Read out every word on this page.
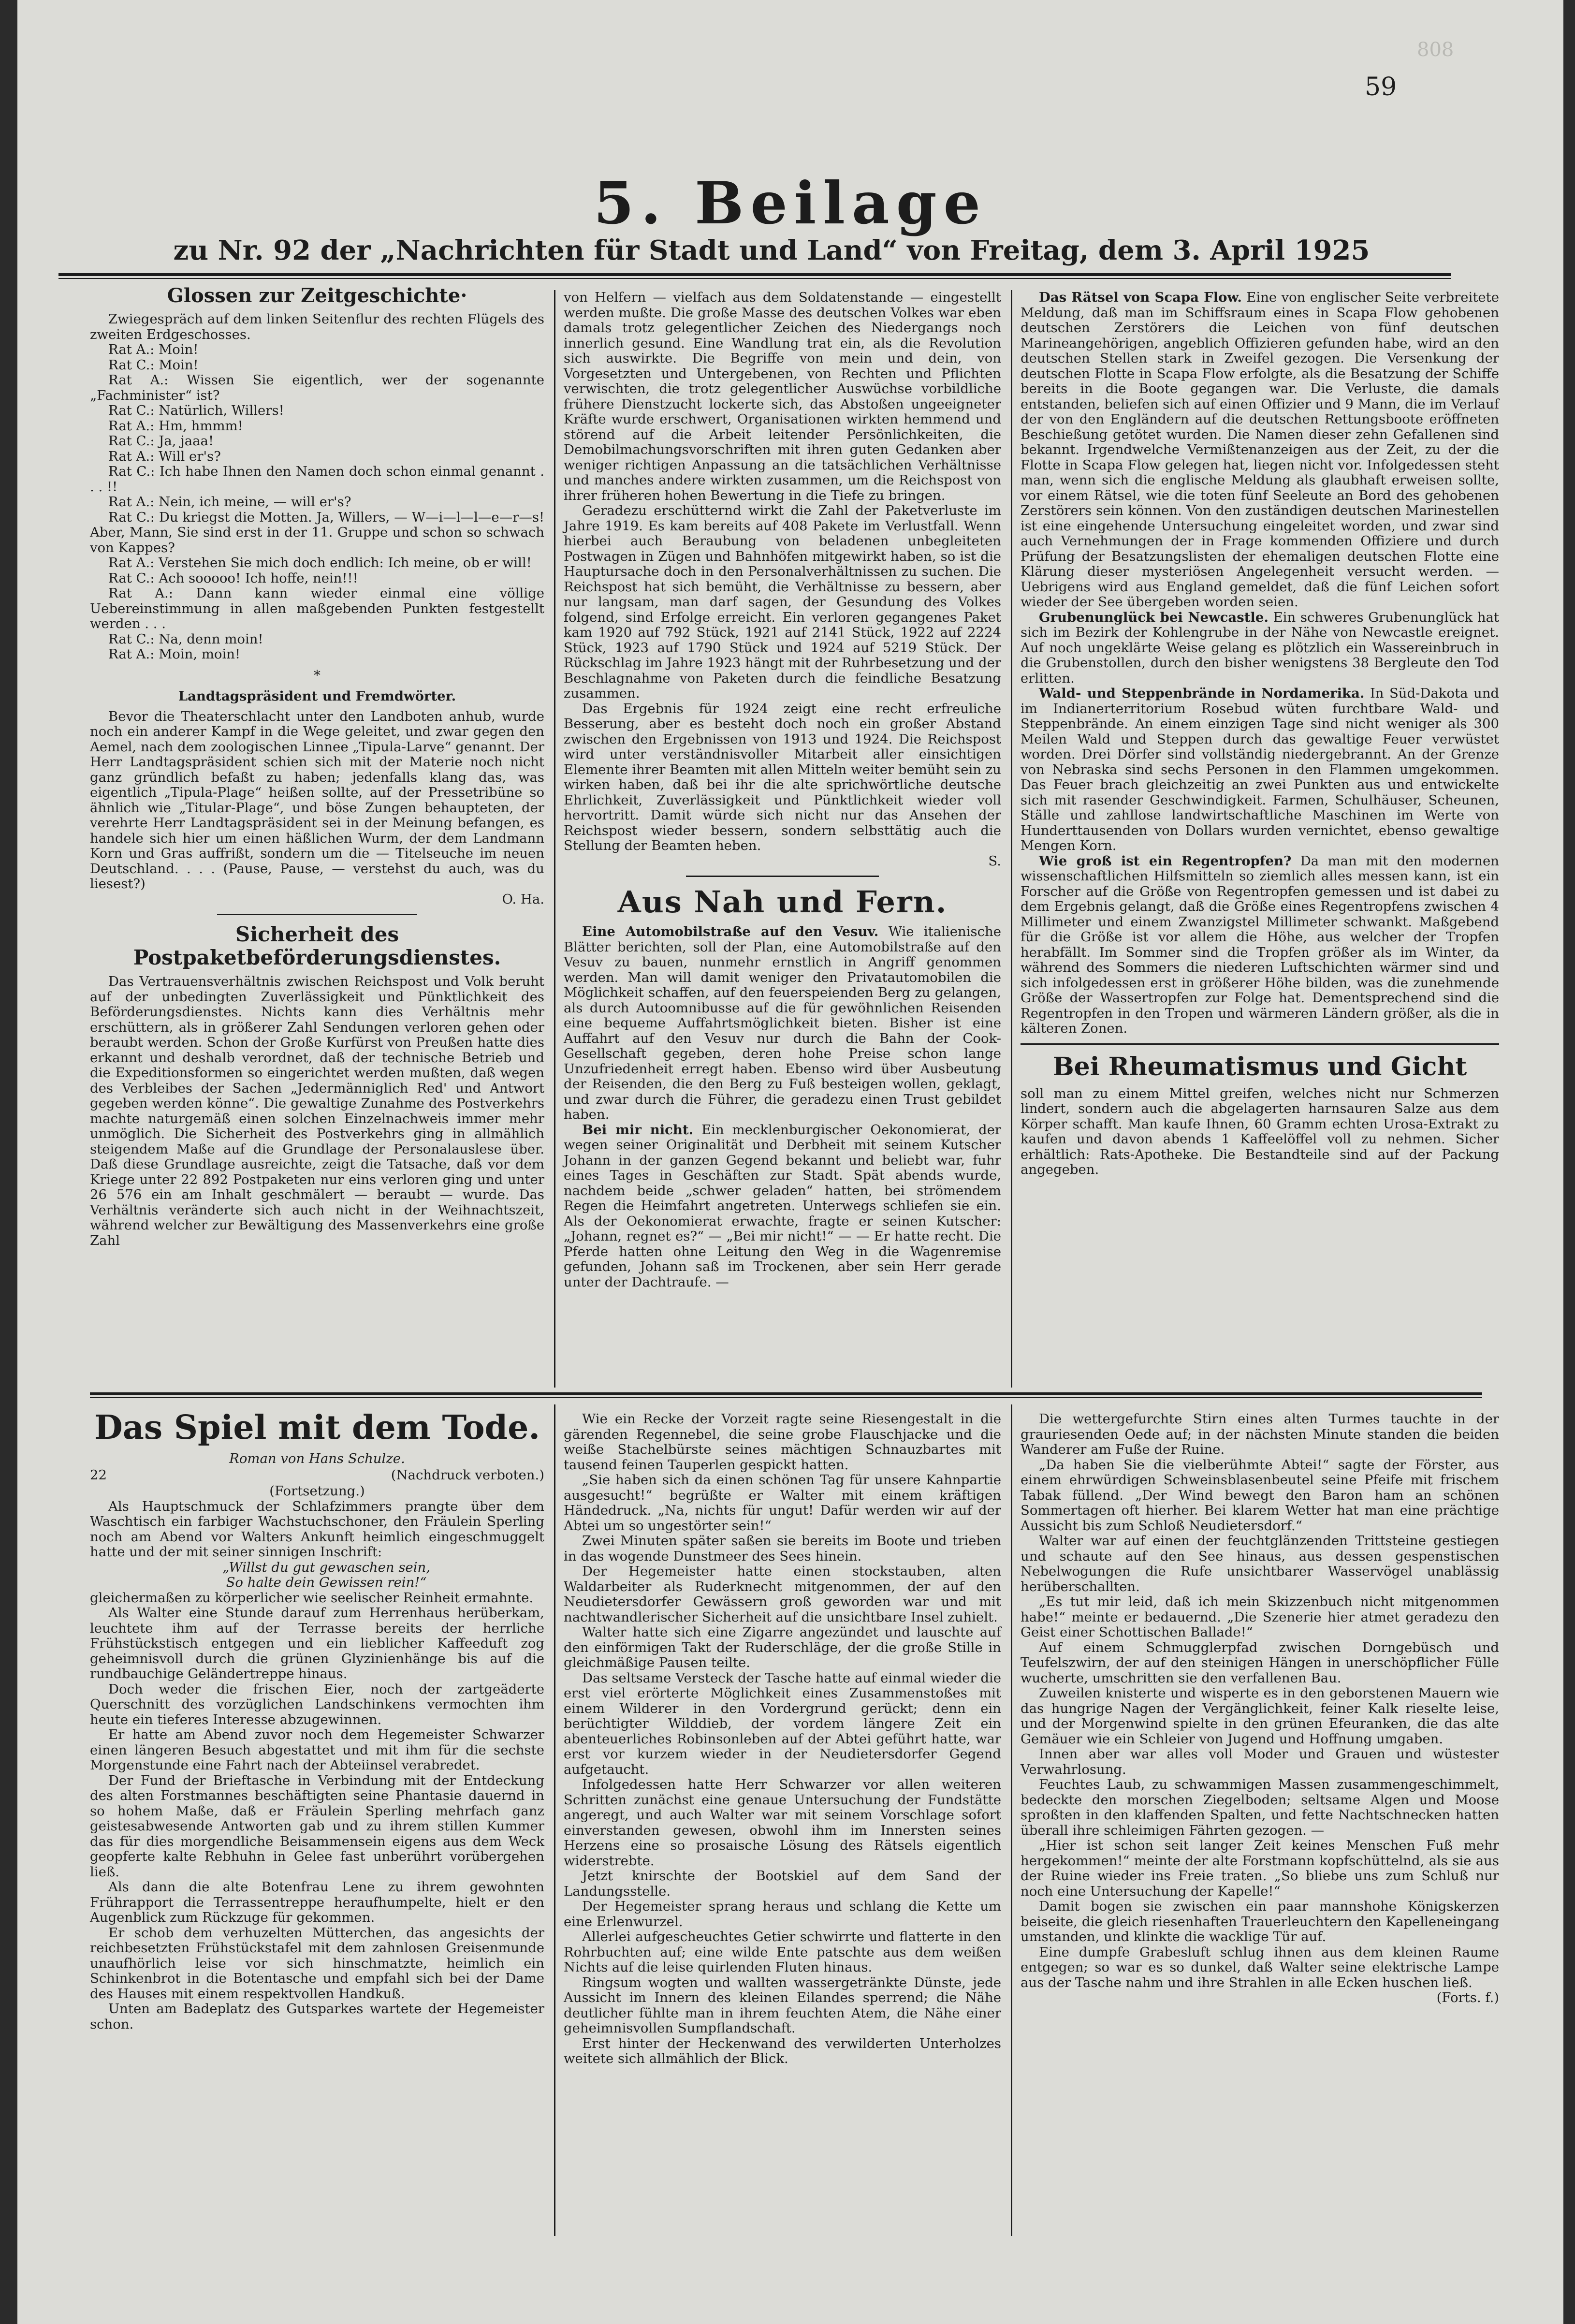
808
59
5. Beilage
zu Nr. 92 der „Nachrichten für Stadt und Land“ von Freitag, dem 3. April 1925
Glossen zur Zeitgeschichte·

Zwiegespräch auf dem linken Seitenflur des rechten Flügels des zweiten Erdgeschosses.

Rat A.: Moin!

Rat C.: Moin!

Rat A.: Wissen Sie eigentlich, wer der sogenannte „Fachminister“ ist?

Rat C.: Natürlich, Willers!

Rat A.: Hm, hmmm!

Rat C.: Ja, jaaa!

Rat A.: Will er's?

Rat C.: Ich habe Ihnen den Namen doch schon einmal genannt . . . !!

Rat A.: Nein, ich meine, — will er's?

Rat C.: Du kriegst die Motten. Ja, Willers, — W—i—l—l—e—r—s! Aber, Mann, Sie sind erst in der 11. Gruppe und schon so schwach von Kappes?

Rat A.: Verstehen Sie mich doch endlich: Ich meine, ob er will!

Rat C.: Ach sooooo! Ich hoffe, nein!!!

Rat A.: Dann kann wieder einmal eine völlige Uebereinstimmung in allen maßgebenden Punkten festgestellt werden . . .

Rat C.: Na, denn moin!

Rat A.: Moin, moin!

*

Landtagspräsident und Fremdwörter.

Bevor die Theaterschlacht unter den Landboten anhub, wurde noch ein anderer Kampf in die Wege geleitet, und zwar gegen den Aemel, nach dem zoologischen Linnee „Tipula-Larve“ genannt. Der Herr Landtagspräsident schien sich mit der Materie noch nicht ganz gründlich befaßt zu haben; jedenfalls klang das, was eigentlich „Tipula-Plage“ heißen sollte, auf der Pressetribüne so ähnlich wie „Titular-Plage“, und böse Zungen behaupteten, der verehrte Herr Landtagspräsident sei in der Meinung befangen, es handele sich hier um einen häßlichen Wurm, der dem Landmann Korn und Gras auffrißt, sondern um die — Titelseuche im neuen Deutschland. . . . (Pause, Pause, — verstehst du auch, was du liesest?)

O. Ha.

Sicherheit des Postpaketbeförderungsdienstes.

Das Vertrauensverhältnis zwischen Reichspost und Volk beruht auf der unbedingten Zuverlässigkeit und Pünktlichkeit des Beförderungsdienstes. Nichts kann dies Verhältnis mehr erschüttern, als in größerer Zahl Sendungen verloren gehen oder beraubt werden. Schon der Große Kurfürst von Preußen hatte dies erkannt und deshalb verordnet, daß der technische Betrieb und die Expeditionsformen so eingerichtet werden mußten, daß wegen des Verbleibes der Sachen „Jedermänniglich Red' und Antwort gegeben werden könne“. Die gewaltige Zunahme des Postverkehrs machte naturgemäß einen solchen Einzelnachweis immer mehr unmöglich. Die Sicherheit des Postverkehrs ging in allmählich steigendem Maße auf die Grundlage der Personalauslese über. Daß diese Grundlage ausreichte, zeigt die Tatsache, daß vor dem Kriege unter 22 892 Postpaketen nur eins verloren ging und unter 26 576 ein am Inhalt geschmälert — beraubt — wurde. Das Verhältnis veränderte sich auch nicht in der Weihnachtszeit, während welcher zur Bewältigung des Massenverkehrs eine große Zahl

von Helfern — vielfach aus dem Soldatenstande — eingestellt werden mußte. Die große Masse des deutschen Volkes war eben damals trotz gelegentlicher Zeichen des Niedergangs noch innerlich gesund. Eine Wandlung trat ein, als die Revolution sich auswirkte. Die Begriffe von mein und dein, von Vorgesetzten und Untergebenen, von Rechten und Pflichten verwischten, die trotz gelegentlicher Auswüchse vorbildliche frühere Dienstzucht lockerte sich, das Abstoßen ungeeigneter Kräfte wurde erschwert, Organisationen wirkten hemmend und störend auf die Arbeit leitender Persönlichkeiten, die Demobilmachungsvorschriften mit ihren guten Gedanken aber weniger richtigen Anpassung an die tatsächlichen Verhältnisse und manches andere wirkten zusammen, um die Reichspost von ihrer früheren hohen Bewertung in die Tiefe zu bringen.

Geradezu erschütternd wirkt die Zahl der Paketverluste im Jahre 1919. Es kam bereits auf 408 Pakete im Verlustfall. Wenn hierbei auch Beraubung von beladenen unbegleiteten Postwagen in Zügen und Bahnhöfen mitgewirkt haben, so ist die Hauptursache doch in den Personalverhältnissen zu suchen. Die Reichspost hat sich bemüht, die Verhältnisse zu bessern, aber nur langsam, man darf sagen, der Gesundung des Volkes folgend, sind Erfolge erreicht. Ein verloren gegangenes Paket kam 1920 auf 792 Stück, 1921 auf 2141 Stück, 1922 auf 2224 Stück, 1923 auf 1790 Stück und 1924 auf 5219 Stück. Der Rückschlag im Jahre 1923 hängt mit der Ruhrbesetzung und der Beschlagnahme von Paketen durch die feindliche Besatzung zusammen.

Das Ergebnis für 1924 zeigt eine recht erfreuliche Besserung, aber es besteht doch noch ein großer Abstand zwischen den Ergebnissen von 1913 und 1924. Die Reichspost wird unter verständnisvoller Mitarbeit aller einsichtigen Elemente ihrer Beamten mit allen Mitteln weiter bemüht sein zu wirken haben, daß bei ihr die alte sprichwörtliche deutsche Ehrlichkeit, Zuverlässigkeit und Pünktlichkeit wieder voll hervortritt. Damit würde sich nicht nur das Ansehen der Reichspost wieder bessern, sondern selbsttätig auch die Stellung der Beamten heben.

S.

Aus Nah und Fern.

Eine Automobilstraße auf den Vesuv. Wie italienische Blätter berichten, soll der Plan, eine Automobilstraße auf den Vesuv zu bauen, nunmehr ernstlich in Angriff genommen werden. Man will damit weniger den Privatautomobilen die Möglichkeit schaffen, auf den feuerspeienden Berg zu gelangen, als durch Autoomnibusse auf die für gewöhnlichen Reisenden eine bequeme Auffahrtsmöglichkeit bieten. Bisher ist eine Auffahrt auf den Vesuv nur durch die Bahn der Cook-Gesellschaft gegeben, deren hohe Preise schon lange Unzufriedenheit erregt haben. Ebenso wird über Ausbeutung der Reisenden, die den Berg zu Fuß besteigen wollen, geklagt, und zwar durch die Führer, die geradezu einen Trust gebildet haben.

Bei mir nicht. Ein mecklenburgischer Oekonomierat, der wegen seiner Originalität und Derbheit mit seinem Kutscher Johann in der ganzen Gegend bekannt und beliebt war, fuhr eines Tages in Geschäften zur Stadt. Spät abends wurde, nachdem beide „schwer geladen“ hatten, bei strömendem Regen die Heimfahrt angetreten. Unterwegs schliefen sie ein. Als der Oekonomierat erwachte, fragte er seinen Kutscher: „Johann, regnet es?“ — „Bei mir nicht!“ — — Er hatte recht. Die Pferde hatten ohne Leitung den Weg in die Wagenremise gefunden, Johann saß im Trockenen, aber sein Herr gerade unter der Dachtraufe. —

Das Rätsel von Scapa Flow. Eine von englischer Seite verbreitete Meldung, daß man im Schiffsraum eines in Scapa Flow gehobenen deutschen Zerstörers die Leichen von fünf deutschen Marineangehörigen, angeblich Offizieren gefunden habe, wird an den deutschen Stellen stark in Zweifel gezogen. Die Versenkung der deutschen Flotte in Scapa Flow erfolgte, als die Besatzung der Schiffe bereits in die Boote gegangen war. Die Verluste, die damals entstanden, beliefen sich auf einen Offizier und 9 Mann, die im Verlauf der von den Engländern auf die deutschen Rettungsboote eröffneten Beschießung getötet wurden. Die Namen dieser zehn Gefallenen sind bekannt. Irgendwelche Vermißtenanzeigen aus der Zeit, zu der die Flotte in Scapa Flow gelegen hat, liegen nicht vor. Infolgedessen steht man, wenn sich die englische Meldung als glaubhaft erweisen sollte, vor einem Rätsel, wie die toten fünf Seeleute an Bord des gehobenen Zerstörers sein können. Von den zuständigen deutschen Marinestellen ist eine eingehende Untersuchung eingeleitet worden, und zwar sind auch Vernehmungen der in Frage kommenden Offiziere und durch Prüfung der Besatzungslisten der ehemaligen deutschen Flotte eine Klärung dieser mysteriösen Angelegenheit versucht werden. — Uebrigens wird aus England gemeldet, daß die fünf Leichen sofort wieder der See übergeben worden seien.

Grubenunglück bei Newcastle. Ein schweres Grubenunglück hat sich im Bezirk der Kohlengrube in der Nähe von Newcastle ereignet. Auf noch ungeklärte Weise gelang es plötzlich ein Wassereinbruch in die Grubenstollen, durch den bisher wenigstens 38 Bergleute den Tod erlitten.

Wald- und Steppenbrände in Nordamerika. In Süd-Dakota und im Indianerterritorium Rosebud wüten furchtbare Wald- und Steppenbrände. An einem einzigen Tage sind nicht weniger als 300 Meilen Wald und Steppen durch das gewaltige Feuer verwüstet worden. Drei Dörfer sind vollständig niedergebrannt. An der Grenze von Nebraska sind sechs Personen in den Flammen umgekommen. Das Feuer brach gleichzeitig an zwei Punkten aus und entwickelte sich mit rasender Geschwindigkeit. Farmen, Schulhäuser, Scheunen, Ställe und zahllose landwirtschaftliche Maschinen im Werte von Hunderttausenden von Dollars wurden vernichtet, ebenso gewaltige Mengen Korn.

Wie groß ist ein Regentropfen? Da man mit den modernen wissenschaftlichen Hilfsmitteln so ziemlich alles messen kann, ist ein Forscher auf die Größe von Regentropfen gemessen und ist dabei zu dem Ergebnis gelangt, daß die Größe eines Regentropfens zwischen 4 Millimeter und einem Zwanzigstel Millimeter schwankt. Maßgebend für die Größe ist vor allem die Höhe, aus welcher der Tropfen herabfällt. Im Sommer sind die Tropfen größer als im Winter, da während des Sommers die niederen Luftschichten wärmer sind und sich infolgedessen erst in größerer Höhe bilden, was die zunehmende Größe der Wassertropfen zur Folge hat. Dementsprechend sind die Regentropfen in den Tropen und wärmeren Ländern größer, als die in kälteren Zonen.

Bei Rheumatismus und Gicht

soll man zu einem Mittel greifen, welches nicht nur Schmerzen lindert, sondern auch die abgelagerten harnsauren Salze aus dem Körper schafft. Man kaufe Ihnen, 60 Gramm echten Urosa-Extrakt zu kaufen und davon abends 1 Kaffeelöffel voll zu nehmen. Sicher erhältlich: Rats-Apotheke. Die Bestandteile sind auf der Packung angegeben.

Das Spiel mit dem Tode.

Roman von Hans Schulze.

22	(Nachdruck verboten.)

(Fortsetzung.)

Als Hauptschmuck der Schlafzimmers prangte über dem Waschtisch ein farbiger Wachstuchschoner, den Fräulein Sperling noch am Abend vor Walters Ankunft heimlich eingeschmuggelt hatte und der mit seiner sinnigen Inschrift:

„Willst du gut gewaschen sein,

So halte dein Gewissen rein!“

gleichermaßen zu körperlicher wie seelischer Reinheit ermahnte.

Als Walter eine Stunde darauf zum Herrenhaus herüberkam, leuchtete ihm auf der Terrasse bereits der herrliche Frühstückstisch entgegen und ein lieblicher Kaffeeduft zog geheimnisvoll durch die grünen Glyzinienhänge bis auf die rundbauchige Geländertreppe hinaus.

Doch weder die frischen Eier, noch der zartgeäderte Querschnitt des vorzüglichen Landschinkens vermochten ihm heute ein tieferes Interesse abzugewinnen.

Er hatte am Abend zuvor noch dem Hegemeister Schwarzer einen längeren Besuch abgestattet und mit ihm für die sechste Morgenstunde eine Fahrt nach der Abteiinsel verabredet.

Der Fund der Brieftasche in Verbindung mit der Entdeckung des alten Forstmannes beschäftigten seine Phantasie dauernd in so hohem Maße, daß er Fräulein Sperling mehrfach ganz geistesabwesende Antworten gab und zu ihrem stillen Kummer das für dies morgendliche Beisammensein eigens aus dem Weck geopferte kalte Rebhuhn in Gelee fast unberührt vorübergehen ließ.

Als dann die alte Botenfrau Lene zu ihrem gewohnten Frührapport die Terrassentreppe heraufhumpelte, hielt er den Augenblick zum Rückzuge für gekommen.

Er schob dem verhuzelten Mütterchen, das angesichts der reichbesetzten Frühstückstafel mit dem zahnlosen Greisenmunde unaufhörlich leise vor sich hinschmatzte, heimlich ein Schinkenbrot in die Botentasche und empfahl sich bei der Dame des Hauses mit einem respektvollen Handkuß.

Unten am Badeplatz des Gutsparkes wartete der Hegemeister schon.

Wie ein Recke der Vorzeit ragte seine Riesengestalt in die gärenden Regennebel, die seine grobe Flauschjacke und die weiße Stachelbürste seines mächtigen Schnauzbartes mit tausend feinen Tauperlen gespickt hatten.

„Sie haben sich da einen schönen Tag für unsere Kahnpartie ausgesucht!“ begrüßte er Walter mit einem kräftigen Händedruck. „Na, nichts für ungut! Dafür werden wir auf der Abtei um so ungestörter sein!“

Zwei Minuten später saßen sie bereits im Boote und trieben in das wogende Dunstmeer des Sees hinein.

Der Hegemeister hatte einen stockstauben, alten Waldarbeiter als Ruderknecht mitgenommen, der auf den Neudietersdorfer Gewässern groß geworden war und mit nachtwandlerischer Sicherheit auf die unsichtbare Insel zuhielt.

Walter hatte sich eine Zigarre angezündet und lauschte auf den einförmigen Takt der Ruderschläge, der die große Stille in gleichmäßige Pausen teilte.

Das seltsame Versteck der Tasche hatte auf einmal wieder die erst viel erörterte Möglichkeit eines Zusammenstoßes mit einem Wilderer in den Vordergrund gerückt; denn ein berüchtigter Wilddieb, der vordem längere Zeit ein abenteuerliches Robinsonleben auf der Abtei geführt hatte, war erst vor kurzem wieder in der Neudietersdorfer Gegend aufgetaucht.

Infolgedessen hatte Herr Schwarzer vor allen weiteren Schritten zunächst eine genaue Untersuchung der Fundstätte angeregt, und auch Walter war mit seinem Vorschlage sofort einverstanden gewesen, obwohl ihm im Innersten seines Herzens eine so prosaische Lösung des Rätsels eigentlich widerstrebte.

Jetzt knirschte der Bootskiel auf dem Sand der Landungsstelle.

Der Hegemeister sprang heraus und schlang die Kette um eine Erlenwurzel.

Allerlei aufgescheuchtes Getier schwirrte und flatterte in den Rohrbuchten auf; eine wilde Ente patschte aus dem weißen Nichts auf die leise quirlenden Fluten hinaus.

Ringsum wogten und wallten wassergetränkte Dünste, jede Aussicht im Innern des kleinen Eilandes sperrend; die Nähe deutlicher fühlte man in ihrem feuchten Atem, die Nähe einer geheimnisvollen Sumpflandschaft.

Erst hinter der Heckenwand des verwilderten Unterholzes weitete sich allmählich der Blick.

Die wettergefurchte Stirn eines alten Turmes tauchte in der grauriesenden Oede auf; in der nächsten Minute standen die beiden Wanderer am Fuße der Ruine.

„Da haben Sie die vielberühmte Abtei!“ sagte der Förster, aus einem ehrwürdigen Schweinsblasenbeutel seine Pfeife mit frischem Tabak füllend. „Der Wind bewegt den Baron ham an schönen Sommertagen oft hierher. Bei klarem Wetter hat man eine prächtige Aussicht bis zum Schloß Neudietersdorf.“

Walter war auf einen der feuchtglänzenden Trittsteine gestiegen und schaute auf den See hinaus, aus dessen gespenstischen Nebelwogungen die Rufe unsichtbarer Wasservögel unablässig herüberschallten.

„Es tut mir leid, daß ich mein Skizzenbuch nicht mitgenommen habe!“ meinte er bedauernd. „Die Szenerie hier atmet geradezu den Geist einer Schottischen Ballade!“

Auf einem Schmugglerpfad zwischen Dorngebüsch und Teufelszwirn, der auf den steinigen Hängen in unerschöpflicher Fülle wucherte, umschritten sie den verfallenen Bau.

Zuweilen knisterte und wisperte es in den geborstenen Mauern wie das hungrige Nagen der Vergänglichkeit, feiner Kalk rieselte leise, und der Morgenwind spielte in den grünen Efeuranken, die das alte Gemäuer wie ein Schleier von Jugend und Hoffnung umgaben.

Innen aber war alles voll Moder und Grauen und wüstester Verwahrlosung.

Feuchtes Laub, zu schwammigen Massen zusammengeschimmelt, bedeckte den morschen Ziegelboden; seltsame Algen und Moose sproßten in den klaffenden Spalten, und fette Nachtschnecken hatten überall ihre schleimigen Fährten gezogen. —

„Hier ist schon seit langer Zeit keines Menschen Fuß mehr hergekommen!“ meinte der alte Forstmann kopfschüttelnd, als sie aus der Ruine wieder ins Freie traten. „So bliebe uns zum Schluß nur noch eine Untersuchung der Kapelle!“

Damit bogen sie zwischen ein paar mannshohe Königskerzen beiseite, die gleich riesenhaften Trauerleuchtern den Kapelleneingang umstanden, und klinkte die wacklige Tür auf.

Eine dumpfe Grabesluft schlug ihnen aus dem kleinen Raume entgegen; so war es so dunkel, daß Walter seine elektrische Lampe aus der Tasche nahm und ihre Strahlen in alle Ecken huschen ließ.

(Forts. f.)
